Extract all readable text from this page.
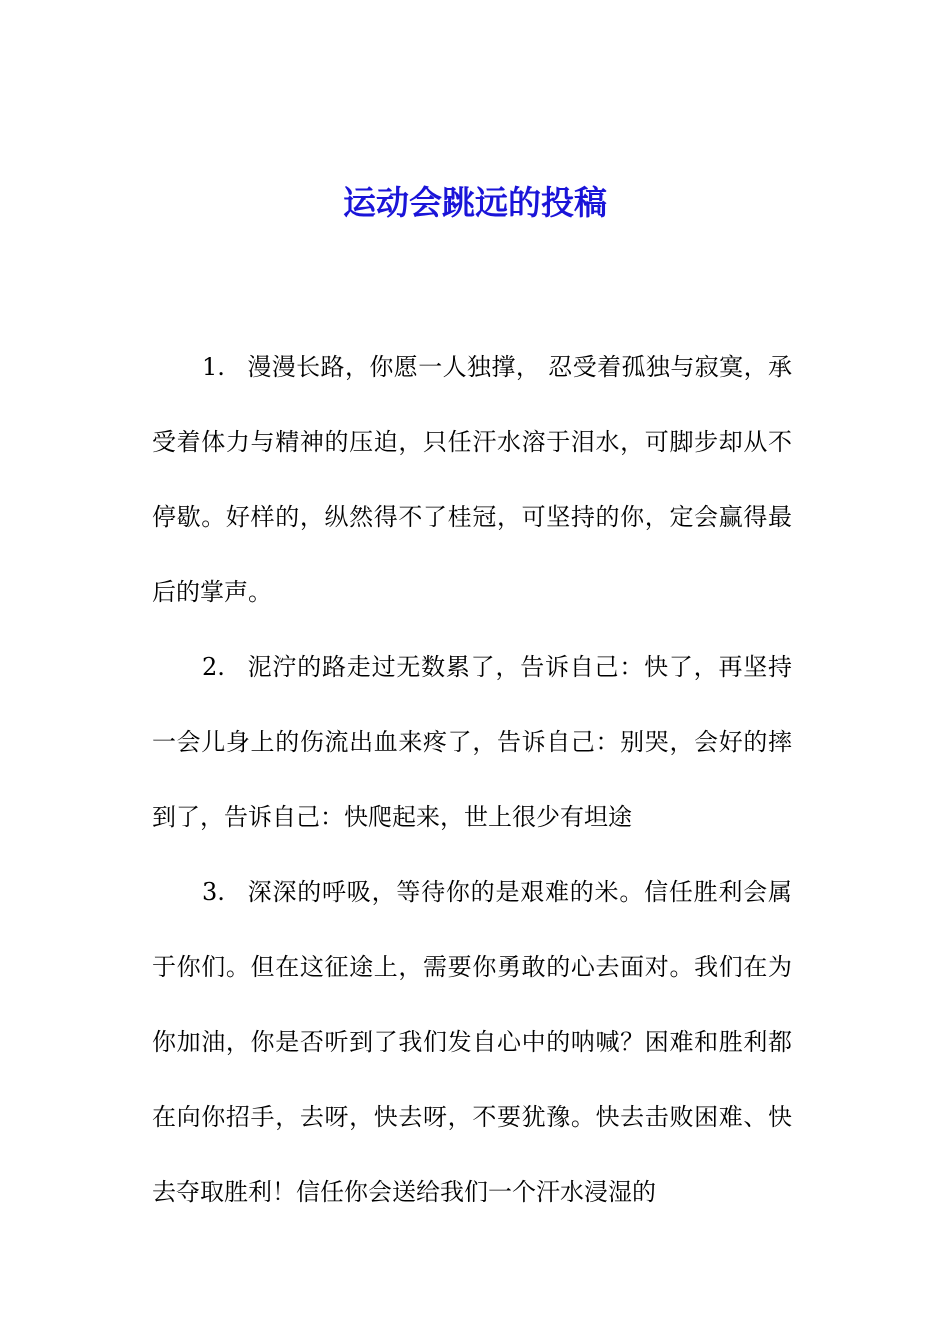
运动会跳远的投稿

1. 漫漫长路，你愿一人独撑， 忍受着孤独与寂寞，承受着体力与精神的压迫，只任汗水溶于泪水，可脚步却从不停歇。好样的，纵然得不了桂冠，可坚持的你，定会赢得最后的掌声。

2. 泥泞的路走过无数累了，告诉自己：快了，再坚持一会儿身上的伤流出血来疼了，告诉自己：别哭，会好的摔到了，告诉自己：快爬起来，世上很少有坦途

3. 深深的呼吸，等待你的是艰难的米。信任胜利会属于你们。但在这征途上，需要你勇敢的心去面对。我们在为你加油，你是否听到了我们发自心中的呐喊？困难和胜利都在向你招手，去呀，快去呀，不要犹豫。快去击败困难、快去夺取胜利！信任你会送给我们一个汗水浸湿的
